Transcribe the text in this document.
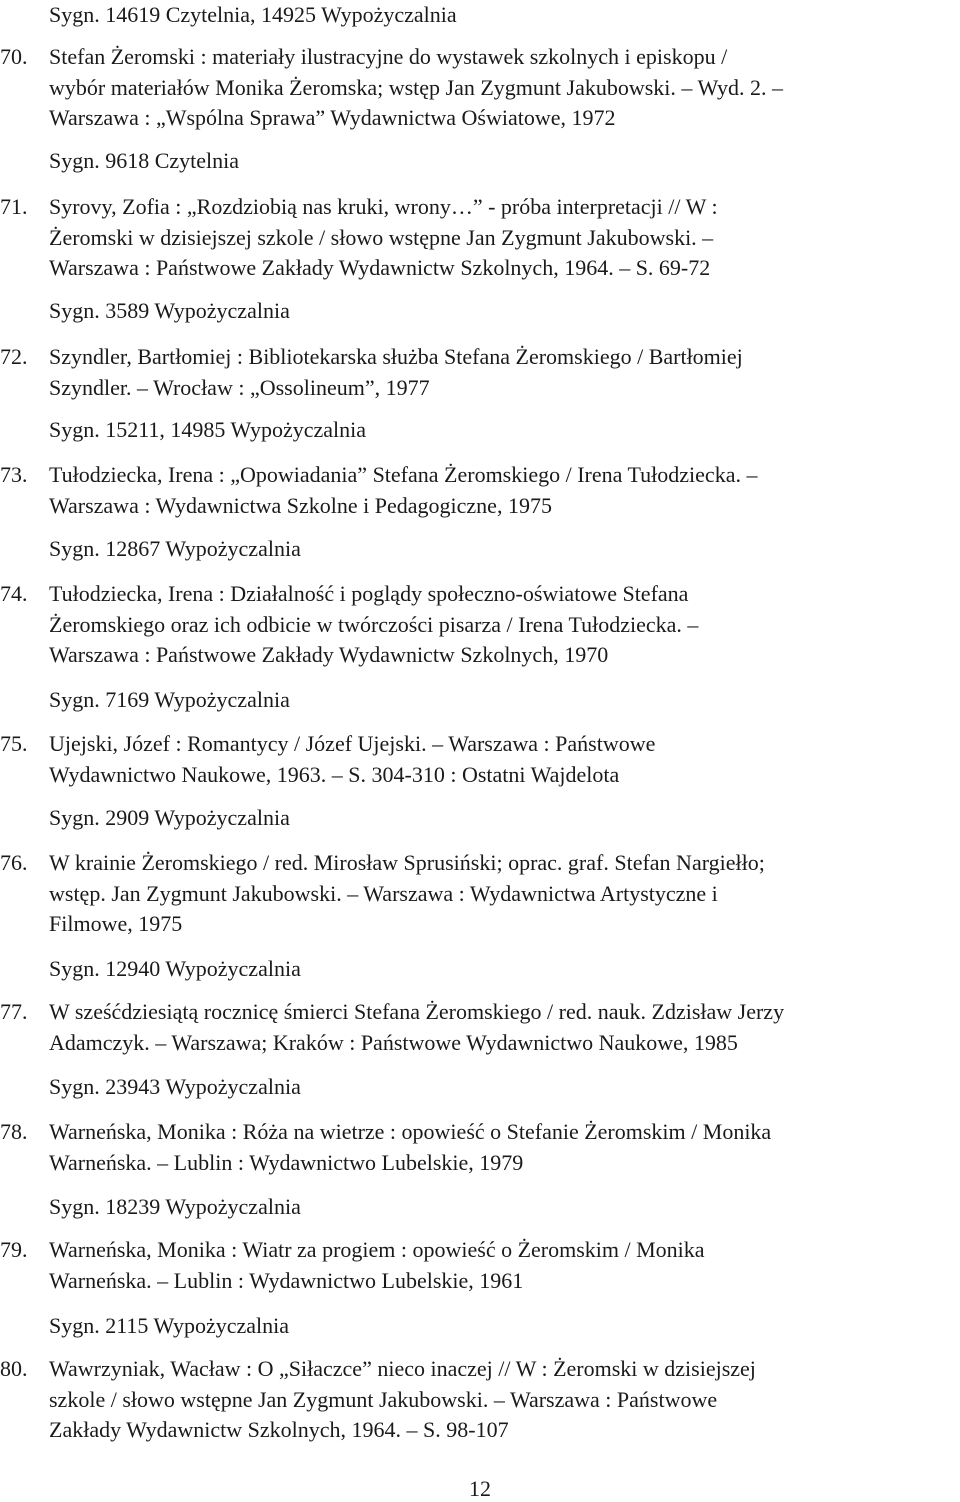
Sygn. 14619 Czytelnia, 14925 Wypożyczalnia
70. Stefan Żeromski : materiały ilustracyjne do wystawek szkolnych i episkopu /
wybór materiałów Monika Żeromska; wstęp Jan Zygmunt Jakubowski. – Wyd. 2. –
Warszawa : „Wspólna Sprawa” Wydawnictwa Oświatowe, 1972
Sygn. 9618 Czytelnia
71. Syrovy, Zofia : „Rozdziobią nas kruki, wrony…” - próba interpretacji // W :
Żeromski w dzisiejszej szkole / słowo wstępne Jan Zygmunt Jakubowski. –
Warszawa : Państwowe Zakłady Wydawnictw Szkolnych, 1964. – S. 69-72
Sygn. 3589 Wypożyczalnia
72. Szyndler, Bartłomiej : Bibliotekarska służba Stefana Żeromskiego / Bartłomiej
Szyndler. – Wrocław : „Ossolineum”, 1977
Sygn. 15211, 14985 Wypożyczalnia
73. Tułodziecka, Irena : „Opowiadania” Stefana Żeromskiego / Irena Tułodziecka. –
Warszawa : Wydawnictwa Szkolne i Pedagogiczne, 1975
Sygn. 12867 Wypożyczalnia
74. Tułodziecka, Irena : Działalność i poglądy społeczno-oświatowe Stefana
Żeromskiego oraz ich odbicie w twórczości pisarza / Irena Tułodziecka. –
Warszawa : Państwowe Zakłady Wydawnictw Szkolnych, 1970
Sygn. 7169 Wypożyczalnia
75. Ujejski, Józef : Romantycy / Józef Ujejski. – Warszawa : Państwowe
Wydawnictwo Naukowe, 1963. – S. 304-310 : Ostatni Wajdelota
Sygn. 2909 Wypożyczalnia
76. W krainie Żeromskiego / red. Mirosław Sprusiński; oprac. graf. Stefan Nargiełło;
wstęp. Jan Zygmunt Jakubowski. – Warszawa : Wydawnictwa Artystyczne i
Filmowe, 1975
Sygn. 12940 Wypożyczalnia
77. W sześćdziesiątą rocznicę śmierci Stefana Żeromskiego / red. nauk. Zdzisław Jerzy
Adamczyk. – Warszawa; Kraków : Państwowe Wydawnictwo Naukowe, 1985
Sygn. 23943 Wypożyczalnia
78. Warneńska, Monika : Róża na wietrze : opowieść o Stefanie Żeromskim / Monika
Warneńska. – Lublin : Wydawnictwo Lubelskie, 1979
Sygn. 18239 Wypożyczalnia
79. Warneńska, Monika : Wiatr za progiem : opowieść o Żeromskim / Monika
Warneńska. – Lublin : Wydawnictwo Lubelskie, 1961
Sygn. 2115 Wypożyczalnia
80. Wawrzyniak, Wacław : O „Siłaczce” nieco inaczej // W : Żeromski w dzisiejszej
szkole / słowo wstępne Jan Zygmunt Jakubowski. – Warszawa : Państwowe
Zakłady Wydawnictw Szkolnych, 1964. – S. 98-107
12
